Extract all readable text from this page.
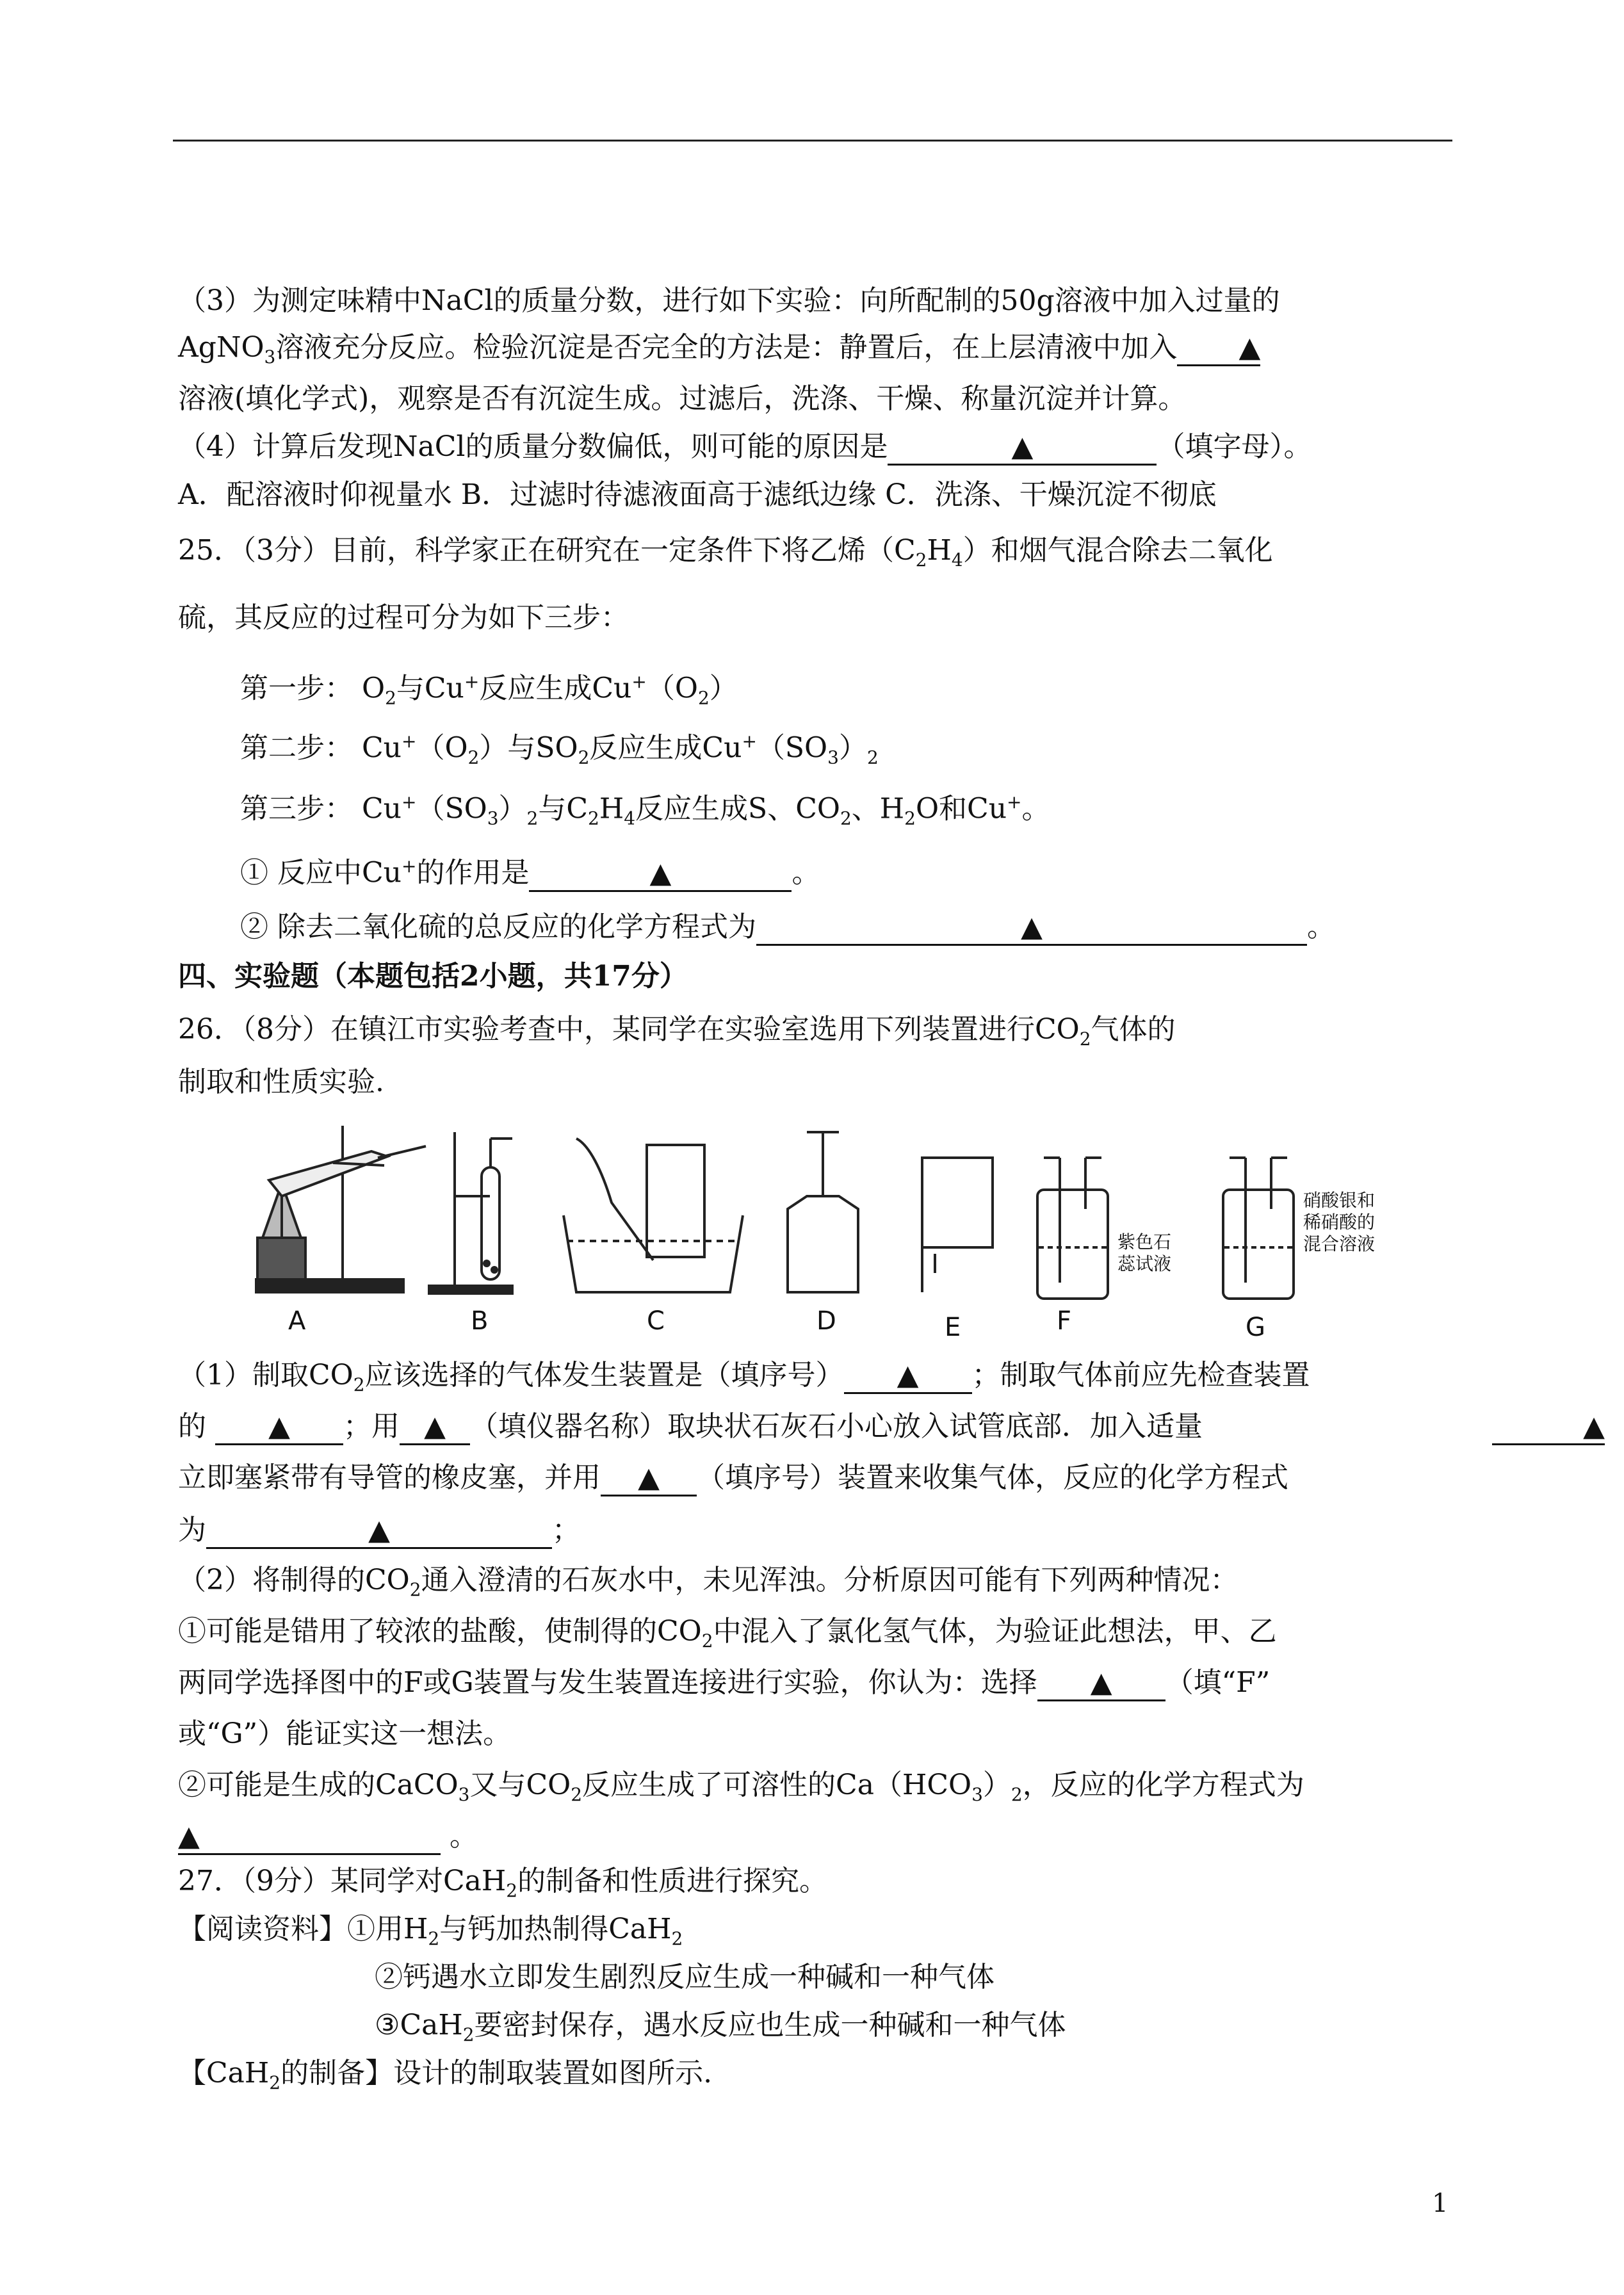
（3）为测定味精中NaCl的质量分数，进行如下实验：向所配制的50g溶液中加入过量的
AgNO$_3$溶液充分反应。检验沉淀是否完全的方法是：静置后，在上层清液中加入 ▲
溶液(填化学式)，观察是否有沉淀生成。过滤后，洗涤、干燥、称量沉淀并计算。
（4）计算后发现NaCl的质量分数偏低，则可能的原因是	▲	（填字母）。
A．配溶液时仰视量水 B．过滤时待滤液面高于滤纸边缘 C．洗涤、干燥沉淀不彻底
25．（3分）目前，科学家正在研究在一定条件下将乙烯$(C_2H_4)$和烟气混合除去二氧化
硫，其反应的过程可分为如下三步：
第一步： $O_2$与Cu+反应生成$Cu^+(O_2)$
第二步： $Cu^+(O_2)$与$SO_2$反应生成$Cu^+(SO_3)_2$
第三步： $Cu^+(SO_3)_2$与$C_2H_4$反应生成S、$CO_2$、$H_2O$和Cu+。
① 反应中Cu+的作用是	▲	。
② 除去二氧化硫的总反应的化学方程式为	▲	。
四、实验题（本题包括2小题，共17分）
26．（8分）在镇江市实验考查中，某同学在实验室选用下列装置进行$CO_2$气体的
制取和性质实验.
A	B	C	D	E	F	G
紫色石
蕊试液
硝酸银和
稀硝酸的
混合溶液
（1）制取$CO_2$应该选择的气体发生装置是（填序号） ▲ ；制取气体前应先检查装置
的 ▲ ；用 ▲ （填仪器名称）取块状石灰石小心放入试管底部．加入适量	▲
立即塞紧带有导管的橡皮塞，并用 ▲ （填序号）装置来收集气体，反应的化学方程式
为	▲	；
（2）将制得的$CO_2$通入澄清的石灰水中，未见浑浊。分析原因可能有下列两种情况：
①可能是错用了较浓的盐酸，使制得的$CO_2$中混入了氯化氢气体，为验证此想法，甲、乙
两同学选择图中的F或G装置与发生装置连接进行实验，你认为：选择 ▲ （填“F”
或“G”）能证实这一想法。
②可能是生成的CaCO$_3$又与$CO_2$反应生成了可溶性的$Ca(HCO_3)_2$，反应的化学方程式为
▲	。
27．（9分）某同学对CaH$_2$的制备和性质进行探究。
【阅读资料】①用$H_2$与钙加热制得CaH$_2$
②钙遇水立即发生剧烈反应生成一种碱和一种气体
③CaH$_2$要密封保存，遇水反应也生成一种碱和一种气体
【CaH$_2$的制备】设计的制取装置如图所示.
1
